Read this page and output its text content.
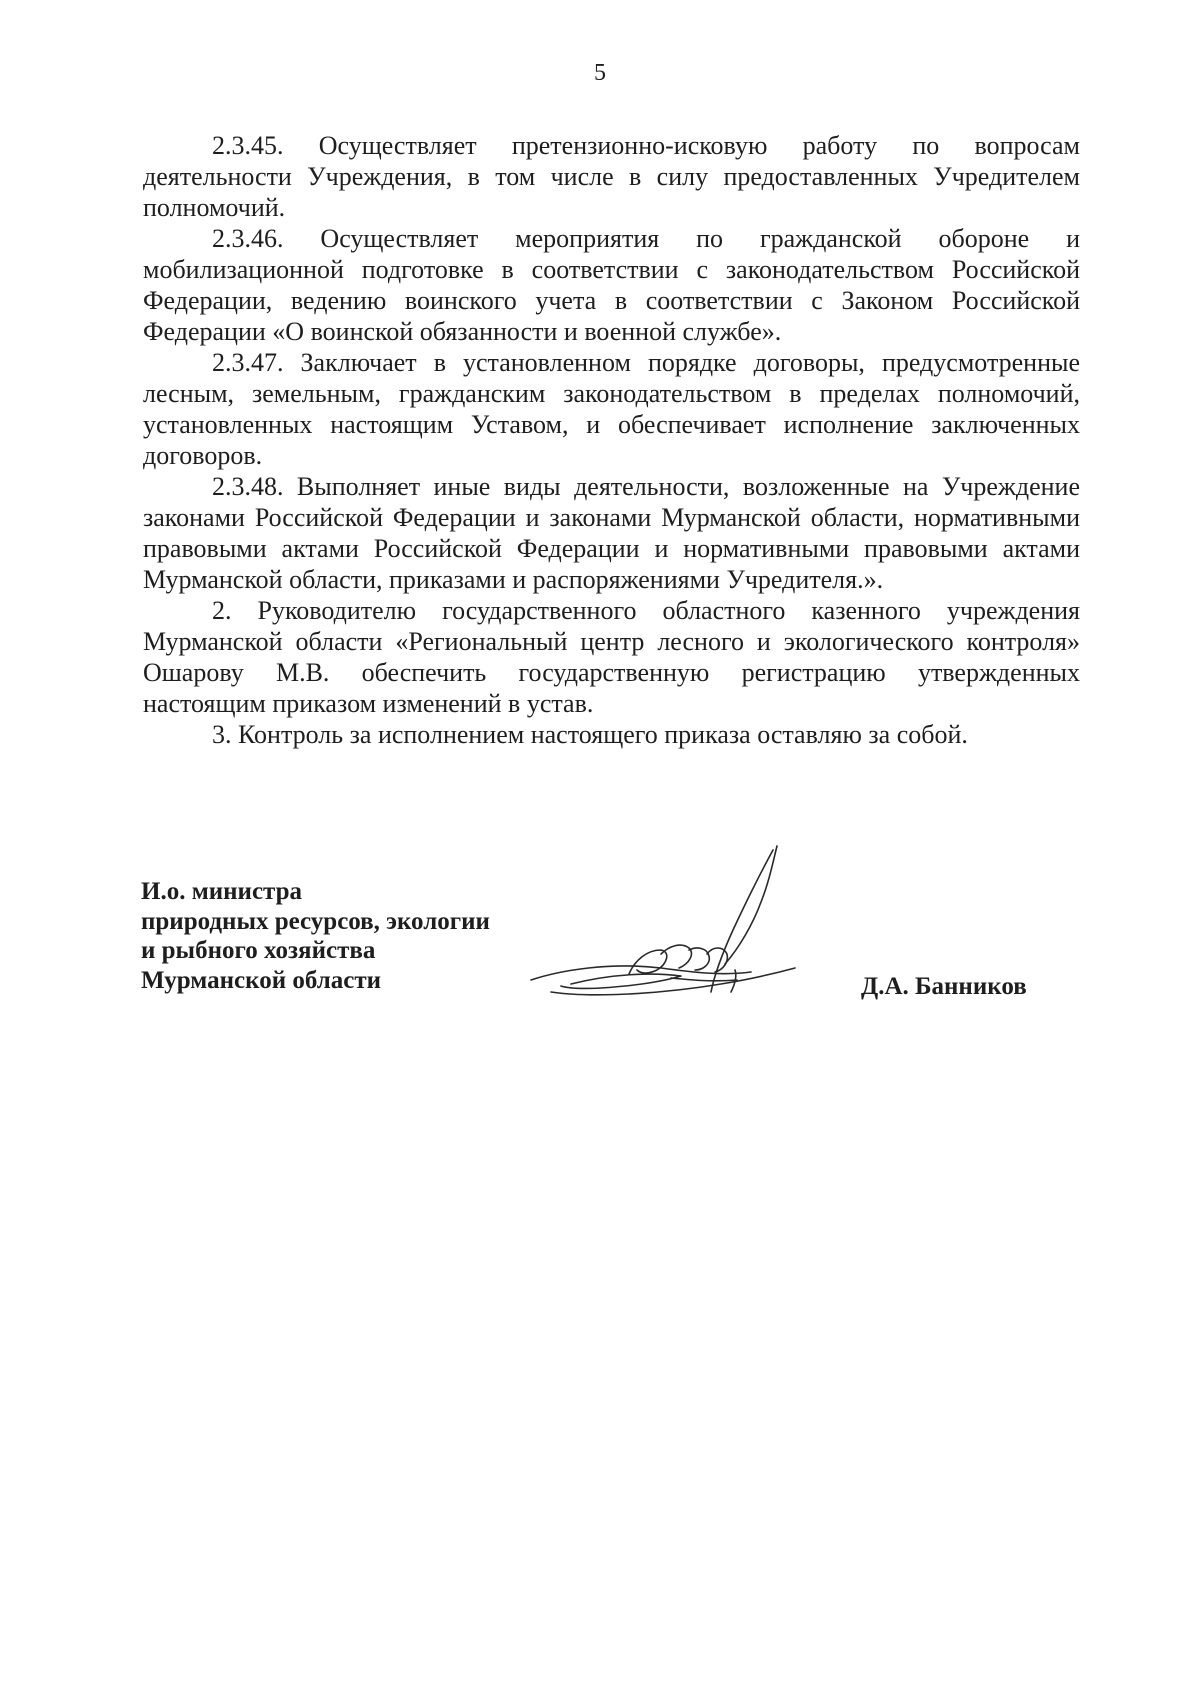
5

2.3.45. Осуществляет претензионно-исковую работу по вопросам деятельности Учреждения, в том числе в силу предоставленных Учредителем полномочий.

2.3.46. Осуществляет мероприятия по гражданской обороне и мобилизационной подготовке в соответствии с законодательством Российской Федерации, ведению воинского учета в соответствии с Законом Российской Федерации «О воинской обязанности и военной службе».

2.3.47. Заключает в установленном порядке договоры, предусмотренные лесным, земельным, гражданским законодательством в пределах полномочий, установленных настоящим Уставом, и обеспечивает исполнение заключенных договоров.

2.3.48. Выполняет иные виды деятельности, возложенные на Учреждение законами Российской Федерации и законами Мурманской области, нормативными правовыми актами Российской Федерации и нормативными правовыми актами Мурманской области, приказами и распоряжениями Учредителя.».

2. Руководителю государственного областного казенного учреждения Мурманской области «Региональный центр лесного и экологического контроля» Ошарову М.В. обеспечить государственную регистрацию утвержденных настоящим приказом изменений в устав.

3. Контроль за исполнением настоящего приказа оставляю за собой.

И.о. министра
природных ресурсов, экологии
и рыбного хозяйства
Мурманской области	Д.А. Банников
